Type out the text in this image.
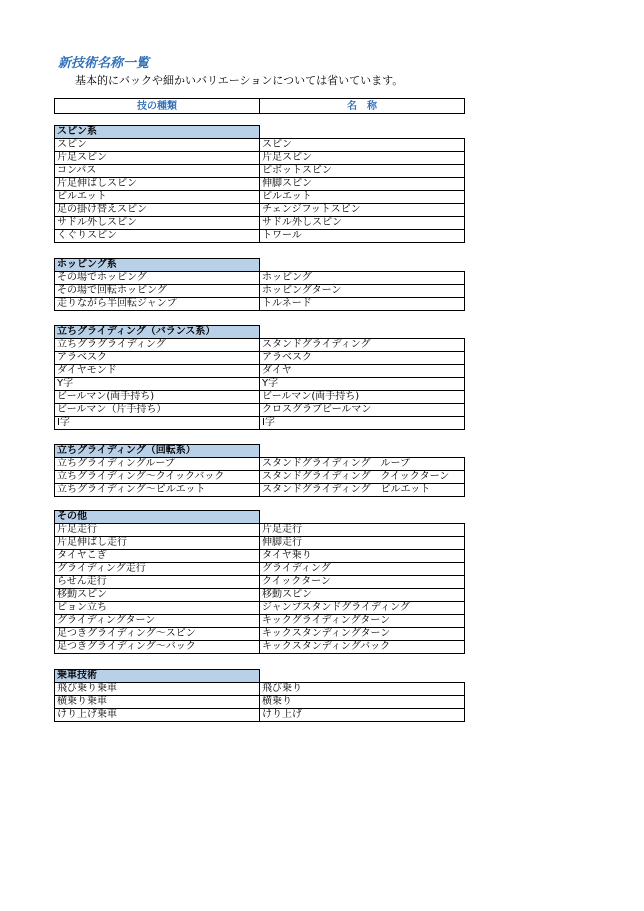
新技術名称一覧
基本的にバックや細かいバリエーションについては省いています。
技の種類	名　称
スピン系	
スピン	スピン
片足スピン	片足スピン
コンパス	ピボットスピン
片足伸ばしスピン	伸脚スピン
ピルエット	ピルエット
足の掛け替えスピン	チェンジフットスピン
サドル外しスピン	サドル外しスピン
くぐりスピン	トワール
ホッピング系	
その場でホッピング	ホッピング
その場で回転ホッピング	ホッピングターン
走りながら半回転ジャンプ	トルネード
立ちグライディング（バランス系）	
立ちグラグライディング	スタンドグライディング
アラベスク	アラベスク
ダイヤモンド	ダイヤ
Y字	Y字
ビールマン(両手持ち)	ビールマン(両手持ち)
ビールマン（片手持ち）	クロスグラブビールマン
I字	I字
立ちグライディング（回転系）	
立ちグライディングループ	スタンドグライディング　ループ
立ちグライディング～クイックバック	スタンドグライディング　クイックターン
立ちグライディング～ピルエット	スタンドグライディング　ピルエット
その他	
片足走行	片足走行
片足伸ばし走行	伸脚走行
タイヤこぎ	タイヤ乗り
グライディング走行	グライディング
らせん走行	クイックターン
移動スピン	移動スピン
ピョン立ち	ジャンプスタンドグライディング
グライディングターン	キックグライディングターン
足つきグライディング～スピン	キックスタンディングターン
足つきグライディング～バック	キックスタンディングバック
乗車技術	
飛び乗り乗車	飛び乗り
横乗り乗車	横乗り
けり上げ乗車	けり上げ
